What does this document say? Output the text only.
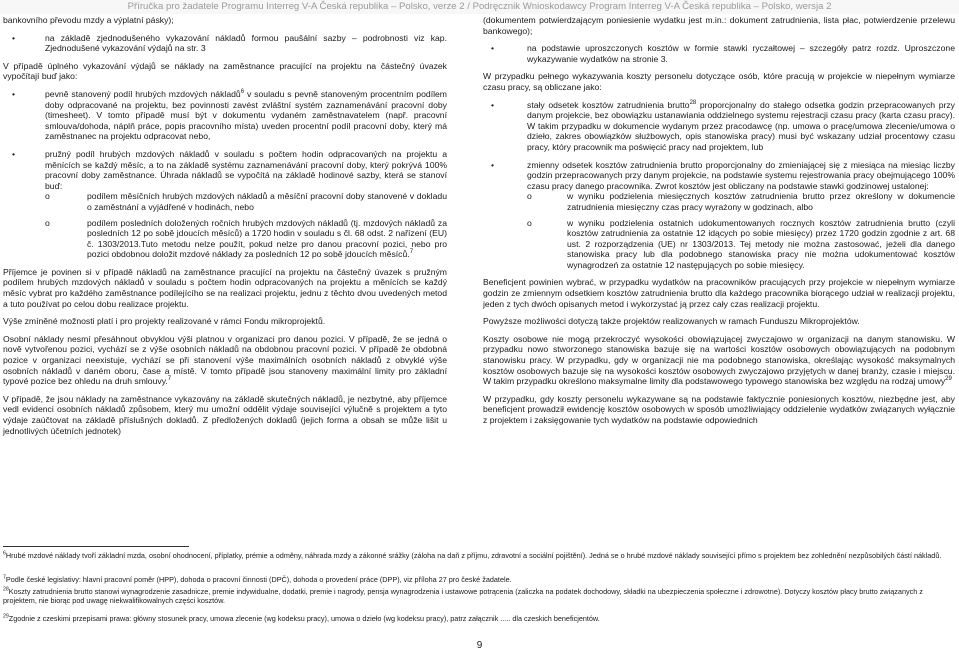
Příručka pro žadatele Programu Interreg V-A Česká republika – Polsko, verze 2 / Podręcznik Wnioskodawcy Program Interreg V-A Česká republika – Polsko, wersja 2

bankovního převodu mzdy a výplatní pásky);

•	na základě zjednodušeného vykazování nákladů formou paušální sazby – podrobnosti viz kap. Zjednodušené vykazování výdajů na str. 3

V případě úplného vykazování výdajů se náklady na zaměstnance pracující na projektu na částečný úvazek vypočítají buď jako:

•	pevně stanovený podíl hrubých mzdových nákladů$^6$ v souladu s pevně stanoveným procentním podílem doby odpracované na projektu, bez povinnosti zavést zvláštní systém zaznamenávání pracovní doby (timesheet). V tomto případě musí být v dokumentu vydaném zaměstnavatelem (např. pracovní smlouva/dohoda, náplň práce, popis pracovního místa) uveden procentní podíl pracovní doby, který má zaměstnanec na projektu odpracovat nebo,
•	pružný podíl hrubých mzdových nákladů v souladu s počtem hodin odpracovaných na projektu a měnících se každý měsíc, a to na základě systému zaznamenávání pracovní doby, který pokrývá 100% pracovní doby zaměstnance. Úhrada nákladů se vypočítá na základě hodinové sazby, která se stanoví buď:
o	podílem měsíčních hrubých mzdových nákladů a měsíční pracovní doby stanovené v dokladu o zaměstnání a vyjádřené v hodinách, nebo
o	podílem posledních doložených ročních hrubých mzdových nákladů (tj. mzdových nákladů za posledních 12 po sobě jdoucích měsíců) a 1720 hodin v souladu s čl. 68 odst. 2 nařízení (EU) č. 1303/2013.Tuto metodu nelze použít, pokud nelze pro danou pracovní pozici, nebo pro pozici obdobnou doložit mzdové náklady za posledních 12 po sobě jdoucích měsíců.$^7$

Příjemce je povinen si v případě nákladů na zaměstnance pracující na projektu na částečný úvazek s pružným podílem hrubých mzdových nákladů v souladu s počtem hodin odpracovaných na projektu a měnících se každý měsíc vybrat pro každého zaměstnance podílejícího se na realizaci projektu, jednu z těchto dvou uvedených metod a tuto používat po celou dobu realizace projektu.

Výše zmíněné možnosti platí i pro projekty realizované v rámci Fondu mikroprojektů.

Osobní náklady nesmí přesáhnout obvyklou výši platnou v organizaci pro danou pozici. V případě, že se jedná o nově vytvořenou pozici, vychází se z výše osobních nákladů na obdobnou pracovní pozici. V případě že obdobná pozice v organizaci neexistuje, vychází se při stanovení výše maximálních osobních nákladů z obvyklé výše osobních nákladů v daném oboru, čase a místě. V tomto případě jsou stanoveny maximální limity pro základní typové pozice bez ohledu na druh smlouvy.$^7$

V případě, že jsou náklady na zaměstnance vykazovány na základě skutečných nákladů, je nezbytné, aby příjemce vedl evidenci osobních nákladů způsobem, který mu umožní oddělit výdaje související výlučně s projektem a tyto výdaje zaúčtovat na základě příslušných dokladů. Z předložených dokladů (jejich forma a obsah se může lišit u jednotlivých účetních jednotek)

(dokumentem potwierdzającym poniesienie wydatku jest m.in.: dokument zatrudnienia, lista płac, potwierdzenie przelewu bankowego);

•	na podstawie uproszczonych kosztów w formie stawki ryczałtowej – szczegóły patrz rozdz. Uproszczone wykazywanie wydatków na stronie 3.

W przypadku pełnego wykazywania koszty personelu dotyczące osób, które pracują w projekcie w niepełnym wymiarze czasu pracy, są obliczane jako:

•	stały odsetek kosztów zatrudnienia brutto$^{28}$ proporcjonalny do stałego odsetka godzin przepracowanych przy danym projekcie, bez obowiązku ustanawiania oddzielnego systemu rejestracji czasu pracy (karta czasu pracy). W takim przypadku w dokumencie wydanym przez pracodawcę (np. umowa o pracę/umowa zlecenie/umowa o dzieło, zakres obowiązków służbowych, opis stanowiska pracy) musi być wskazany udział procentowy czasu pracy, który pracownik ma poświęcić pracy nad projektem, lub
•	zmienny odsetek kosztów zatrudnienia brutto proporcjonalny do zmieniającej się z miesiąca na miesiąc liczby godzin przepracowanych przy danym projekcie, na podstawie systemu rejestrowania pracy obejmującego 100% czasu pracy danego pracownika. Zwrot kosztów jest obliczany na podstawie stawki godzinowej ustalonej:
o	w wyniku podzielenia miesięcznych kosztów zatrudnienia brutto przez określony w dokumencie zatrudnienia miesięczny czas pracy wyrażony w godzinach, albo
o	w wyniku podzielenia ostatnich udokumentowanych rocznych kosztów zatrudnienia brutto (czyli kosztów zatrudnienia za ostatnie 12 idących po sobie miesięcy) przez 1720 godzin zgodnie z art. 68 ust. 2 rozporządzenia (UE) nr 1303/2013. Tej metody nie można zastosować, jeżeli dla danego stanowiska pracy lub dla podobnego stanowiska pracy nie można udokumentować kosztów wynagrodzeń za ostatnie 12 następujących po sobie miesięcy.

Beneficjent powinien wybrać, w przypadku wydatków na pracowników pracujących przy projekcie w niepełnym wymiarze godzin ze zmiennym odsetkiem kosztów zatrudnienia brutto dla każdego pracownika biorącego udział w realizacji projektu, jeden z tych dwóch opisanych metod i wykorzystać ją przez cały czas realizacji projektu.

Powyższe możliwości dotyczą także projektów realizowanych w ramach Funduszu Mikroprojektów.

Koszty osobowe nie mogą przekroczyć wysokości obowiązującej zwyczajowo w organizacji na danym stanowisku. W przypadku nowo stworzonego stanowiska bazuje się na wartości kosztów osobowych obowiązujących na podobnym stanowisku pracy. W przypadku, gdy w organizacji nie ma podobnego stanowiska, określając wysokość maksymalnych kosztów osobowych bazuje się na wysokości kosztów osobowych zwyczajowo przyjętych w danej branży, czasie i miejscu. W takim przypadku określono maksymalne limity dla podstawowego typowego stanowiska bez względu na rodzaj umowy$^{29}$

W przypadku, gdy koszty personelu wykazywane są na podstawie faktycznie poniesionych kosztów, niezbędne jest, aby beneficjent prowadził ewidencję kosztów osobowych w sposób umożliwiający oddzielenie wydatków związanych wyłącznie z projektem i zaksięgowanie tych wydatków na podstawie odpowiednich

$^6$Hrubé mzdové náklady tvoří základní mzda, osobní ohodnocení, příplatky, prémie a odměny, náhrada mzdy a zákonné srážky (záloha na daň z příjmu, zdravotní a sociální pojištění). Jedná se o hrubé mzdové náklady související přímo s projektem bez zohlednění nezpůsobilých částí nákladů.
$^7$Podle české legislativy: hlavní pracovní poměr (HPP), dohoda o pracovní činnosti (DPČ), dohoda o provedení práce (DPP), viz příloha 27 pro české žadatele.
$^{28}$Koszty zatrudnienia brutto stanowi wynagrodzenie zasadnicze, premie indywidualne, dodatki, premie i nagrody, pensja wynagrodzenia i ustawowe potrącenia (zaliczka na podatek dochodowy, składki na ubezpieczenia społeczne i zdrowotne). Dotyczy kosztów płacy brutto związanych z projektem, nie biorąc pod uwagę niekwalifikowalnych części kosztów.
$^{29}$Zgodnie z czeskimi przepisami prawa: główny stosunek pracy, umowa zlecenie (wg kodeksu pracy), umowa o dzieło (wg kodeksu pracy), patrz załącznik ..... dla czeskich beneficjentów.
9
